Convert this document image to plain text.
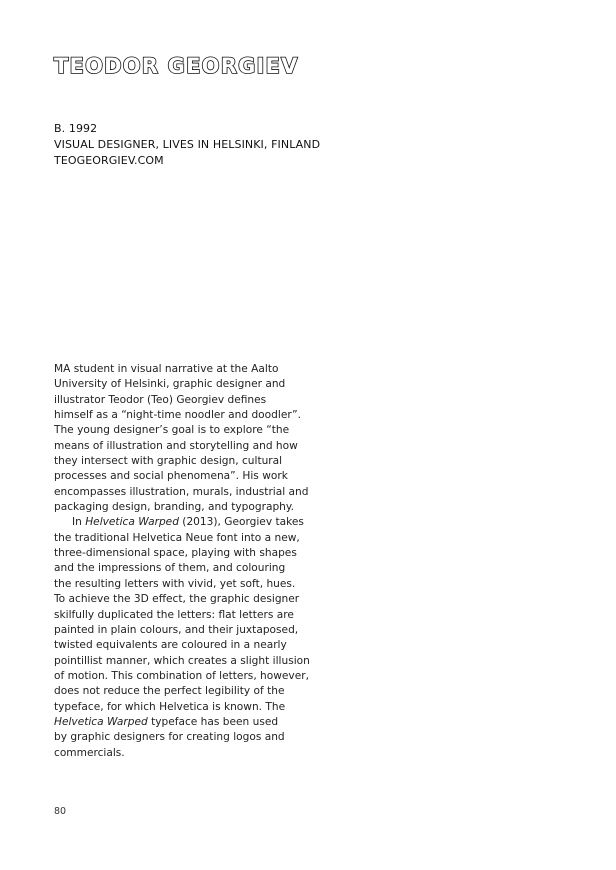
TEODOR GEORGIEV
B. 1992
VISUAL DESIGNER, LIVES IN HELSINKI, FINLAND
TEOGEORGIEV.COM
MA student in visual narrative at the Aalto
University of Helsinki, graphic designer and
illustrator Teodor (Teo) Georgiev defines
himself as a “night-time noodler and doodler”.
The young designer’s goal is to explore “the
means of illustration and storytelling and how
they intersect with graphic design, cultural
processes and social phenomena”. His work
encompasses illustration, murals, industrial and
packaging design, branding, and typography.
In Helvetica Warped (2013), Georgiev takes
the traditional Helvetica Neue font into a new,
three-dimensional space, playing with shapes
and the impressions of them, and colouring
the resulting letters with vivid, yet soft, hues.
To achieve the 3D effect, the graphic designer
skilfully duplicated the letters: flat letters are
painted in plain colours, and their juxtaposed,
twisted equivalents are coloured in a nearly
pointillist manner, which creates a slight illusion
of motion. This combination of letters, however,
does not reduce the perfect legibility of the
typeface, for which Helvetica is known. The
Helvetica Warped typeface has been used
by graphic designers for creating logos and
commercials.
80
